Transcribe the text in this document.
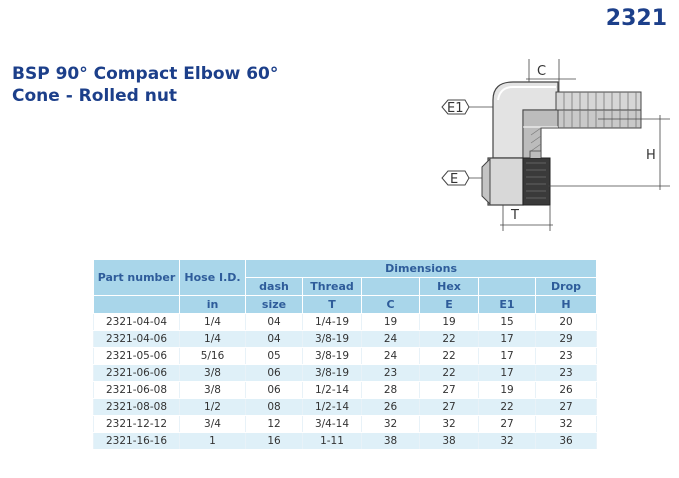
2321
BSP 90° Compact Elbow 60°
Cone - Rolled nut
C
E1
E
H
T
Part number	Hose I.D.	Dimensions					
		dash	Thread		Hex		Drop
	in	size	T	C	E	E1	H
2321-04-04	1/4	04	1/4-19	19	19	15	20
2321-04-06	1/4	04	3/8-19	24	22	17	29
2321-05-06	5/16	05	3/8-19	24	22	17	23
2321-06-06	3/8	06	3/8-19	23	22	17	23
2321-06-08	3/8	06	1/2-14	28	27	19	26
2321-08-08	1/2	08	1/2-14	26	27	22	27
2321-12-12	3/4	12	3/4-14	32	32	27	32
2321-16-16	1	16	1-11	38	38	32	36
